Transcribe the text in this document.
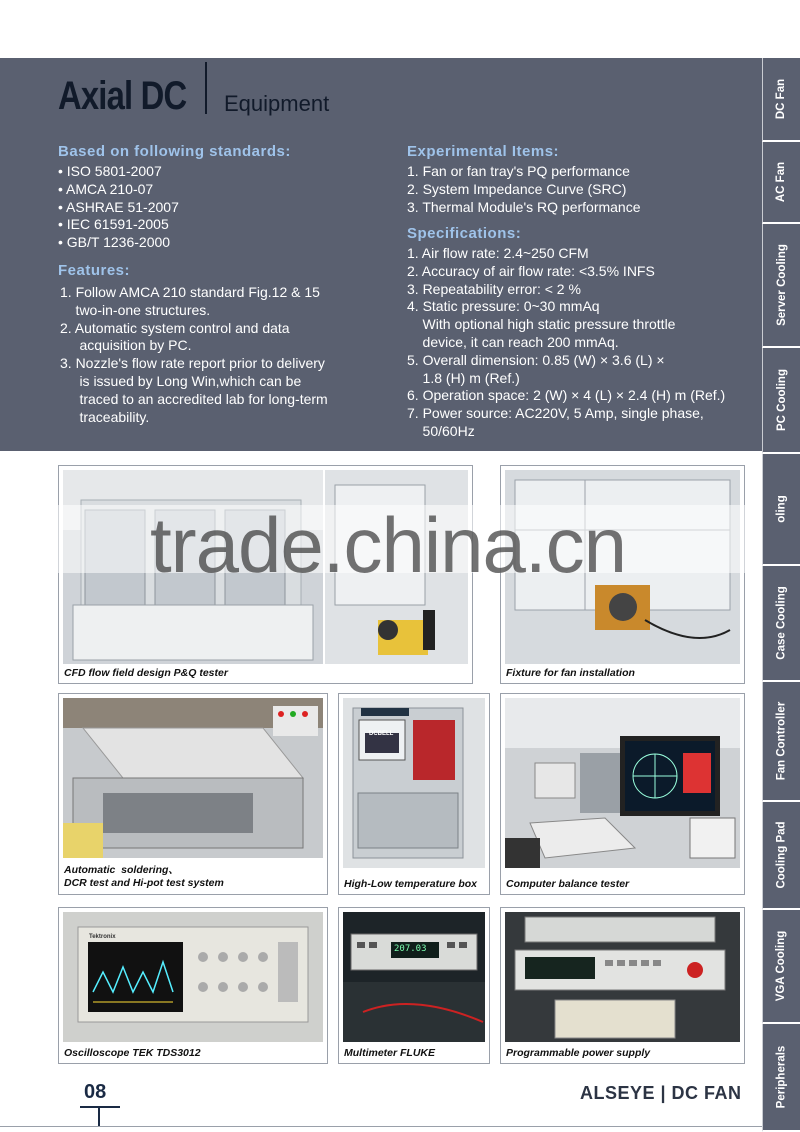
Axial DC Equipment
Based on following standards:
• ISO 5801-2007
• AMCA 210-07
• ASHRAE 51-2007
• IEC 61591-2005
• GB/T 1236-2000
Features:
1. Follow AMCA 210 standard Fig.12 & 15
two-in-one structures.
2. Automatic system control and data
acquisition by PC.
3. Nozzle's flow rate report prior to delivery
is issued by Long Win,which can be
traced to an accredited lab for long-term
traceability.
Experimental Items:
1. Fan or fan tray's PQ performance
2. System Impedance Curve (SRC)
3. Thermal Module's RQ performance
Specifications:
1. Air flow rate: 2.4~250 CFM
2. Accuracy of air flow rate: <3.5% INFS
3. Repeatability error: < 2 %
4. Static pressure: 0~30 mmAq
With optional high static pressure throttle
device, it can reach 200 mmAq.
5. Overall dimension: 0.85 (W) × 3.6 (L) ×
1.8 (H) m (Ref.)
6. Operation space: 2 (W) × 4 (L) × 2.4 (H) m (Ref.)
7. Power source: AC220V, 5 Amp, single phase,
50/60Hz
DC Fan
AC Fan
Server Cooling
PC Cooling
oling
Case Cooling
Fan Controller
Cooling Pad
VGA Cooling
Peripherals
CFD flow field design P&Q tester	Fixture for fan installation
Automatic  soldering、
DCR test and Hi-pot test system
DCBELL
High-Low temperature box	Computer balance tester
Tektronix
Oscilloscope TEK TDS3012
207.03
Multimeter FLUKE	Programmable power supply
trade.china.cn
08	ALSEYE | DC FAN
